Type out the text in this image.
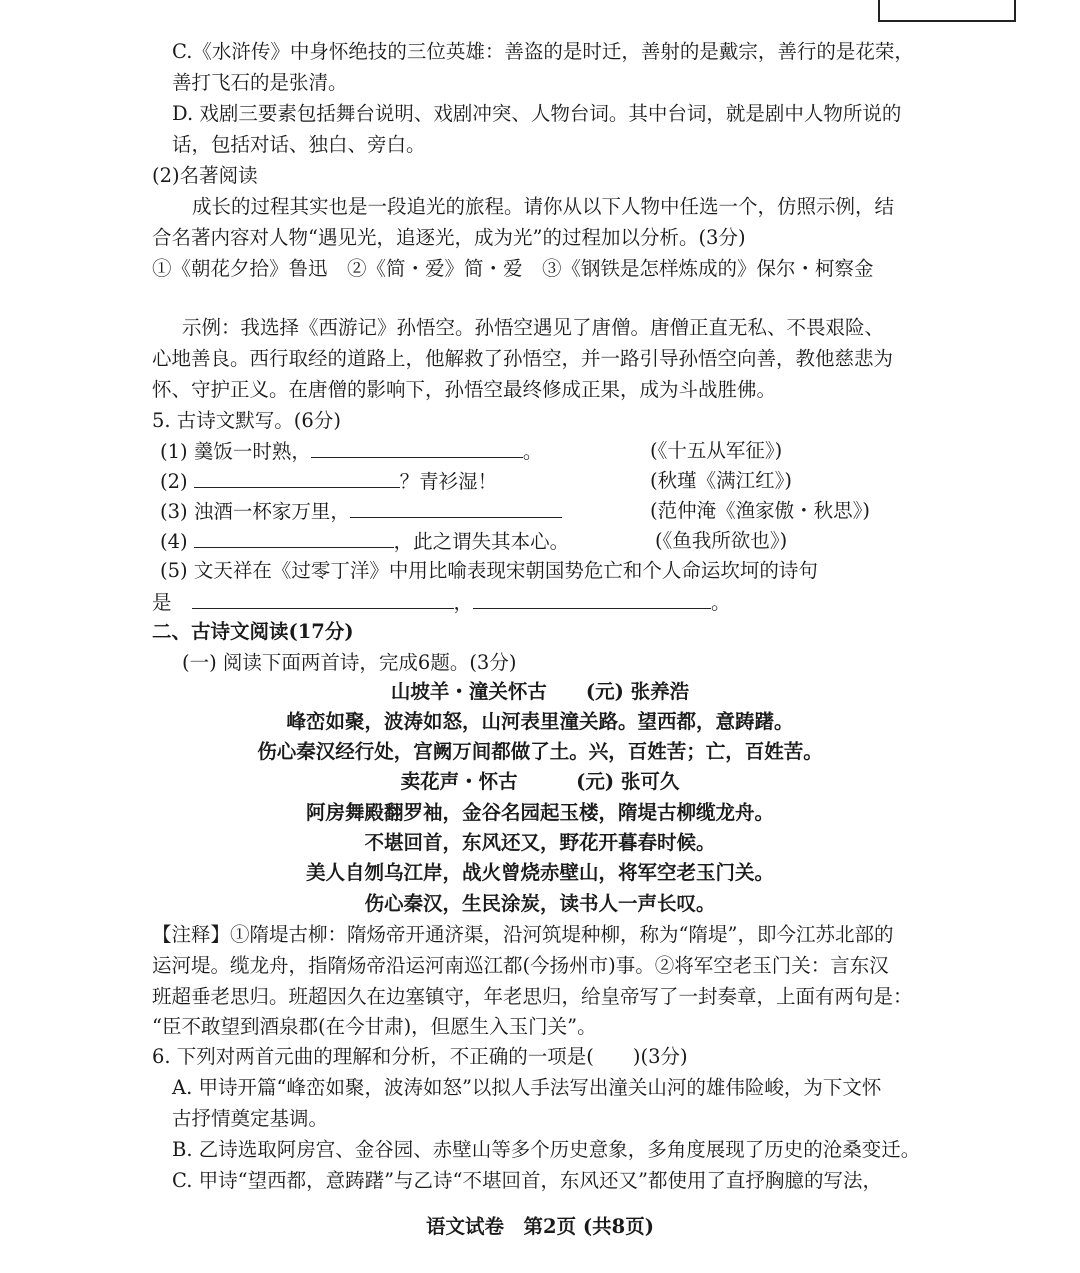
C.《水浒传》中身怀绝技的三位英雄：善盗的是时迁，善射的是戴宗，善行的是花荣，
善打飞石的是张清。
D. 戏剧三要素包括舞台说明、戏剧冲突、人物台词。其中台词，就是剧中人物所说的
话，包括对话、独白、旁白。
(2)名著阅读
成长的过程其实也是一段追光的旅程。请你从以下人物中任选一个，仿照示例，结
合名著内容对人物“遇见光，追逐光，成为光”的过程加以分析。(3分)
①《朝花夕拾》鲁迅　②《简・爱》简・爱　③《钢铁是怎样炼成的》保尔・柯察金
示例：我选择《西游记》孙悟空。孙悟空遇见了唐僧。唐僧正直无私、不畏艰险、
心地善良。西行取经的道路上，他解救了孙悟空，并一路引导孙悟空向善，教他慈悲为
怀、守护正义。在唐僧的影响下，孙悟空最终修成正果，成为斗战胜佛。
5. 古诗文默写。(6分)
(1) 羹饭一时熟，	。	(《十五从军征》)
(2)	？青衫湿！	(秋瑾《满江红》)
(3) 浊酒一杯家万里，	(范仲淹《渔家傲・秋思》)
(4)	，此之谓失其本心。	(《鱼我所欲也》)
(5) 文天祥在《过零丁洋》中用比喻表现宋朝国势危亡和个人命运坎坷的诗句
是	，	。
二、古诗文阅读(17分)
(一) 阅读下面两首诗，完成6题。(3分)
山坡羊・潼关怀古　　(元) 张养浩
峰峦如聚，波涛如怒，山河表里潼关路。望西都，意踌躇。
伤心秦汉经行处，宫阙万间都做了土。兴，百姓苦；亡，百姓苦。
卖花声・怀古　　　(元) 张可久
阿房舞殿翻罗袖，金谷名园起玉楼，隋堤古柳缆龙舟。
不堪回首，东风还又，野花开暮春时候。
美人自刎乌江岸，战火曾烧赤壁山，将军空老玉门关。
伤心秦汉，生民涂炭，读书人一声长叹。
【注释】①隋堤古柳：隋炀帝开通济渠，沿河筑堤种柳，称为“隋堤”，即今江苏北部的
运河堤。缆龙舟，指隋炀帝沿运河南巡江都(今扬州市)事。②将军空老玉门关：言东汉
班超垂老思归。班超因久在边塞镇守，年老思归，给皇帝写了一封奏章，上面有两句是：
“臣不敢望到酒泉郡(在今甘肃)，但愿生入玉门关”。
6. 下列对两首元曲的理解和分析，不正确的一项是(　　)(3分)
A. 甲诗开篇“峰峦如聚，波涛如怒”以拟人手法写出潼关山河的雄伟险峻，为下文怀
古抒情奠定基调。
B. 乙诗选取阿房宫、金谷园、赤壁山等多个历史意象，多角度展现了历史的沧桑变迁。
C. 甲诗“望西都，意踌躇”与乙诗“不堪回首，东风还又”都使用了直抒胸臆的写法，
语文试卷　第2页 (共8页)
